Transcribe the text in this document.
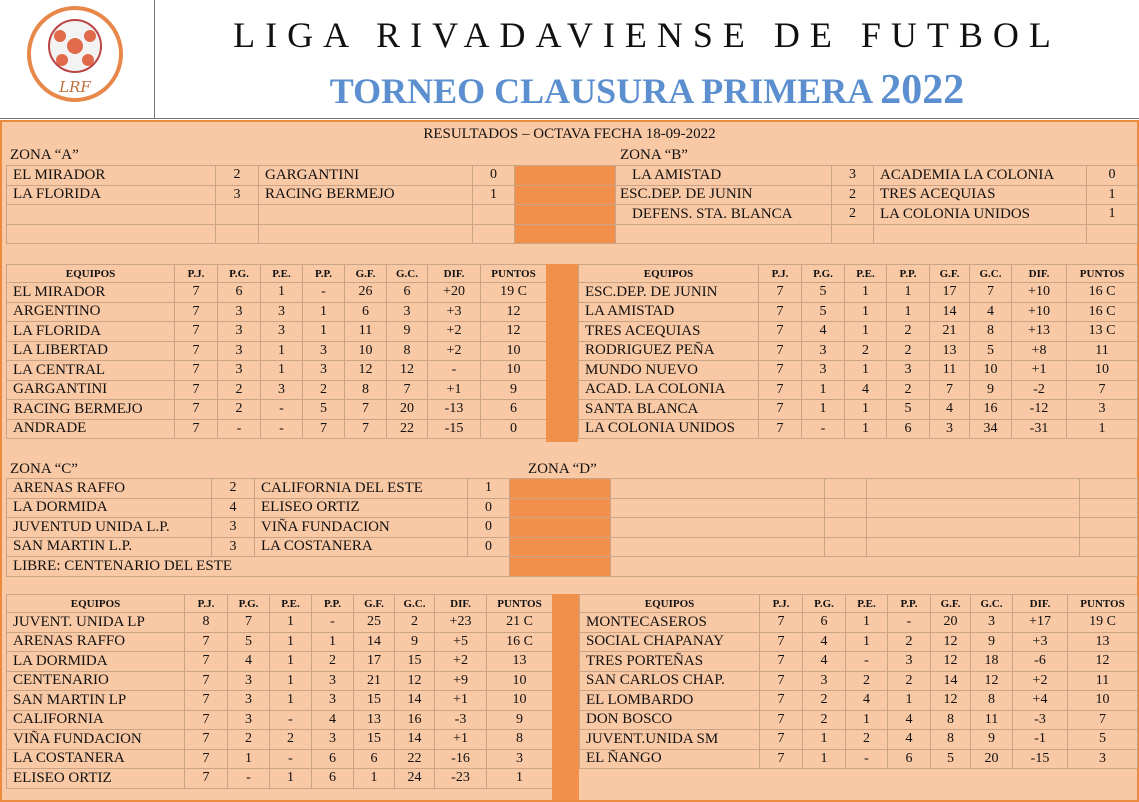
LRF
LIGA RIVADAVIENSE DE FUTBOL
TORNEO CLAUSURA PRIMERA 2022
RESULTADOS – OCTAVA FECHA 18-09-2022
ZONA “A”	ZONA “B”
EL MIRADOR	2	GARGANTINI	0		LA AMISTAD	3	ACADEMIA LA COLONIA	0
LA FLORIDA	3	RACING BERMEJO	1		ESC.DEP. DE JUNIN	2	TRES ACEQUIAS	1
					DEFENS. STA. BLANCA	2	LA COLONIA UNIDOS	1

EQUIPOS	P.J.	P.G.	P.E.	P.P.	G.F.	G.C.	DIF.	PUNTOS
EL MIRADOR	7	6	1	-	26	6	+20	19 C
ARGENTINO	7	3	3	1	6	3	+3	12
LA FLORIDA	7	3	3	1	11	9	+2	12
LA LIBERTAD	7	3	1	3	10	8	+2	10
LA CENTRAL	7	3	1	3	12	12	-	10
GARGANTINI	7	2	3	2	8	7	+1	9
RACING BERMEJO	7	2	-	5	7	20	-13	6
ANDRADE	7	-	-	7	7	22	-15	0
EQUIPOS	P.J.	P.G.	P.E.	P.P.	G.F.	G.C.	DIF.	PUNTOS
ESC.DEP. DE JUNIN	7	5	1	1	17	7	+10	16 C
LA AMISTAD	7	5	1	1	14	4	+10	16 C
TRES ACEQUIAS	7	4	1	2	21	8	+13	13 C
RODRIGUEZ PEÑA	7	3	2	2	13	5	+8	11
MUNDO NUEVO	7	3	1	3	11	10	+1	10
ACAD. LA COLONIA	7	1	4	2	7	9	-2	7
SANTA BLANCA	7	1	1	5	4	16	-12	3
LA COLONIA UNIDOS	7	-	1	6	3	34	-31	1
ZONA “C”	ZONA “D”
ARENAS RAFFO	2	CALIFORNIA DEL ESTE	1					
LA DORMIDA	4	ELISEO ORTIZ	0					
JUVENTUD UNIDA L.P.	3	VIÑA FUNDACION	0					
SAN MARTIN L.P.	3	LA COSTANERA	0					
LIBRE: CENTENARIO DEL ESTE								
EQUIPOS	P.J.	P.G.	P.E.	P.P.	G.F.	G.C.	DIF.	PUNTOS
JUVENT. UNIDA LP	8	7	1	-	25	2	+23	21 C
ARENAS RAFFO	7	5	1	1	14	9	+5	16 C
LA DORMIDA	7	4	1	2	17	15	+2	13
CENTENARIO	7	3	1	3	21	12	+9	10
SAN MARTIN LP	7	3	1	3	15	14	+1	10
CALIFORNIA	7	3	-	4	13	16	-3	9
VIÑA FUNDACION	7	2	2	3	15	14	+1	8
LA COSTANERA	7	1	-	6	6	22	-16	3
ELISEO ORTIZ	7	-	1	6	1	24	-23	1
EQUIPOS	P.J.	P.G.	P.E.	P.P.	G.F.	G.C.	DIF.	PUNTOS
MONTECASEROS	7	6	1	-	20	3	+17	19 C
SOCIAL CHAPANAY	7	4	1	2	12	9	+3	13
TRES PORTEÑAS	7	4	-	3	12	18	-6	12
SAN CARLOS CHAP.	7	3	2	2	14	12	+2	11
EL LOMBARDO	7	2	4	1	12	8	+4	10
DON BOSCO	7	2	1	4	8	11	-3	7
JUVENT.UNIDA SM	7	1	2	4	8	9	-1	5
EL ÑANGO	7	1	-	6	5	20	-15	3
